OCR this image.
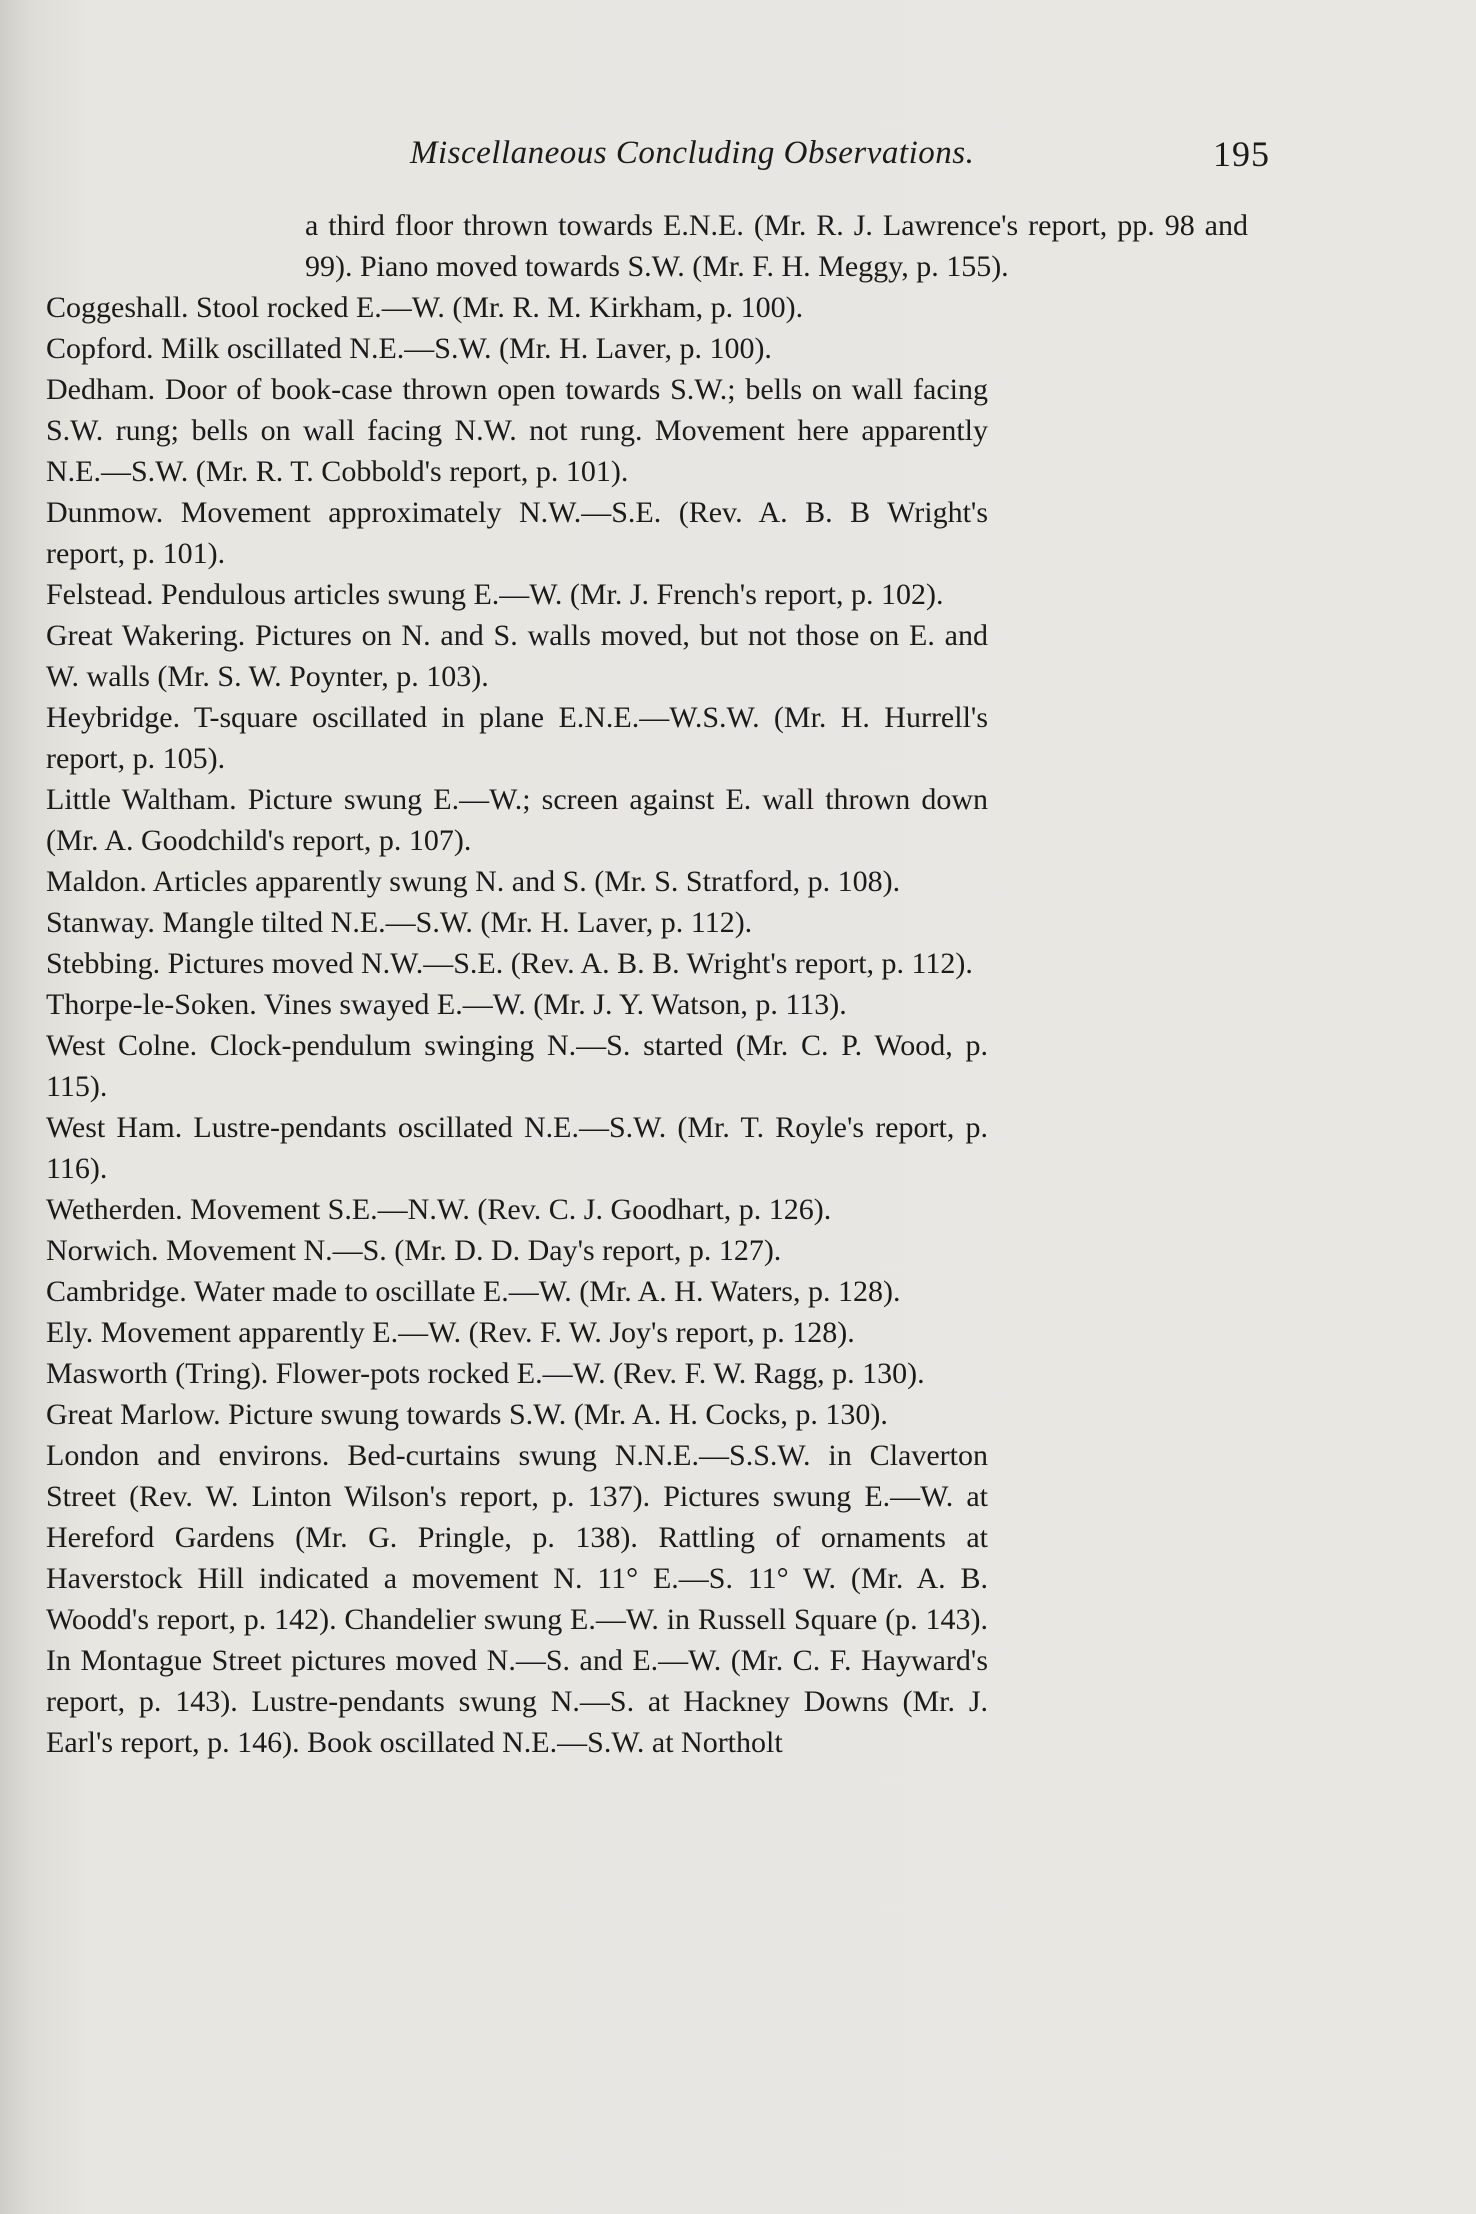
Miscellaneous Concluding Observations.	195

a third floor thrown towards E.N.E. (Mr. R. J. Lawrence's report, pp. 98 and 99). Piano moved towards S.W. (Mr. F. H. Meggy, p. 155).

Coggeshall. Stool rocked E.—W. (Mr. R. M. Kirkham, p. 100).

Copford. Milk oscillated N.E.—S.W. (Mr. H. Laver, p. 100).

Dedham. Door of book-case thrown open towards S.W.; bells on wall facing S.W. rung; bells on wall facing N.W. not rung. Movement here apparently N.E.—S.W. (Mr. R. T. Cobbold's report, p. 101).

Dunmow. Movement approximately N.W.—S.E. (Rev. A. B. B Wright's report, p. 101).

Felstead. Pendulous articles swung E.—W. (Mr. J. French's report, p. 102).

Great Wakering. Pictures on N. and S. walls moved, but not those on E. and W. walls (Mr. S. W. Poynter, p. 103).

Heybridge. T-square oscillated in plane E.N.E.—W.S.W. (Mr. H. Hurrell's report, p. 105).

Little Waltham. Picture swung E.—W.; screen against E. wall thrown down (Mr. A. Goodchild's report, p. 107).

Maldon. Articles apparently swung N. and S. (Mr. S. Stratford, p. 108).

Stanway. Mangle tilted N.E.—S.W. (Mr. H. Laver, p. 112).

Stebbing. Pictures moved N.W.—S.E. (Rev. A. B. B. Wright's report, p. 112).

Thorpe-le-Soken. Vines swayed E.—W. (Mr. J. Y. Watson, p. 113).

West Colne. Clock-pendulum swinging N.—S. started (Mr. C. P. Wood, p. 115).

West Ham. Lustre-pendants oscillated N.E.—S.W. (Mr. T. Royle's report, p. 116).

Wetherden. Movement S.E.—N.W. (Rev. C. J. Goodhart, p. 126).

Norwich. Movement N.—S. (Mr. D. D. Day's report, p. 127).

Cambridge. Water made to oscillate E.—W. (Mr. A. H. Waters, p. 128).

Ely. Movement apparently E.—W. (Rev. F. W. Joy's report, p. 128).

Masworth (Tring). Flower-pots rocked E.—W. (Rev. F. W. Ragg, p. 130).

Great Marlow. Picture swung towards S.W. (Mr. A. H. Cocks, p. 130).

London and environs. Bed-curtains swung N.N.E.—S.S.W. in Claverton Street (Rev. W. Linton Wilson's report, p. 137). Pictures swung E.—W. at Hereford Gardens (Mr. G. Pringle, p. 138). Rattling of ornaments at Haverstock Hill indicated a movement N. 11° E.—S. 11° W. (Mr. A. B. Woodd's report, p. 142). Chandelier swung E.—W. in Russell Square (p. 143). In Montague Street pictures moved N.—S. and E.—W. (Mr. C. F. Hayward's report, p. 143). Lustre-pendants swung N.—S. at Hackney Downs (Mr. J. Earl's report, p. 146). Book oscillated N.E.—S.W. at Northolt
